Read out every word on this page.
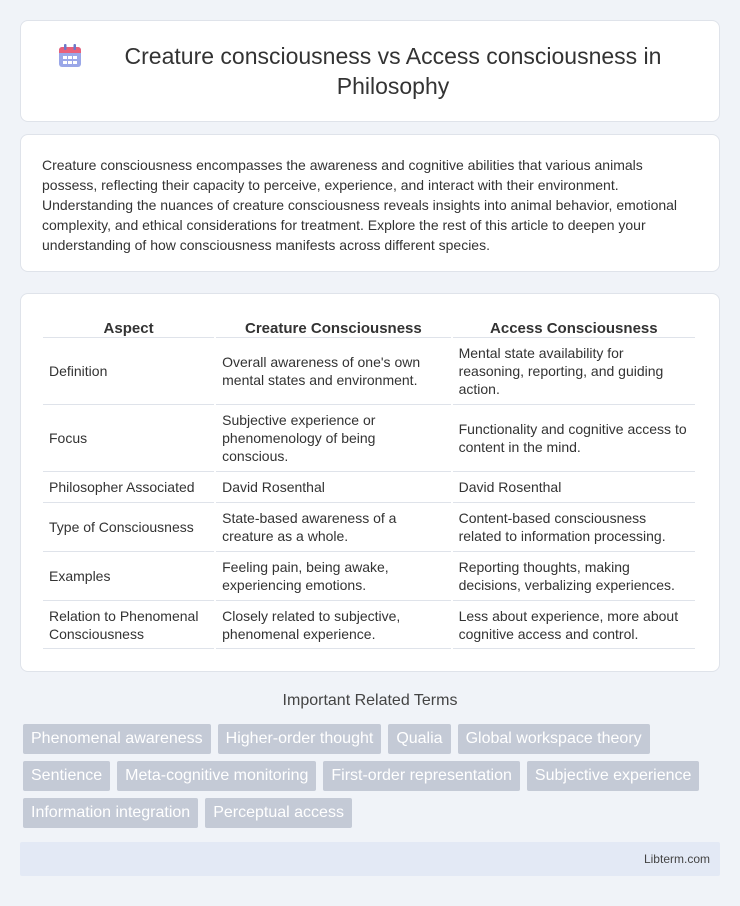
Creature consciousness vs Access consciousness in Philosophy

Creature consciousness encompasses the awareness and cognitive abilities that various animals possess, reflecting their capacity to perceive, experience, and interact with their environment. Understanding the nuances of creature consciousness reveals insights into animal behavior, emotional complexity, and ethical considerations for treatment. Explore the rest of this article to deepen your understanding of how consciousness manifests across different species.

Aspect	Creature Consciousness	Access Consciousness
Definition	Overall awareness of one's own mental states and environment.	Mental state availability for reasoning, reporting, and guiding action.
Focus	Subjective experience or phenomenology of being conscious.	Functionality and cognitive access to content in the mind.
Philosopher Associated	David Rosenthal	David Rosenthal
Type of Consciousness	State-based awareness of a creature as a whole.	Content-based consciousness related to information processing.
Examples	Feeling pain, being awake, experiencing emotions.	Reporting thoughts, making decisions, verbalizing experiences.
Relation to Phenomenal Consciousness	Closely related to subjective, phenomenal experience.	Less about experience, more about cognitive access and control.
Important Related Terms
Phenomenal awareness	Higher-order thought	Qualia	Global workspace theory
Sentience	Meta-cognitive monitoring	First-order representation	Subjective experience
Information integration	Perceptual access
Libterm.com
